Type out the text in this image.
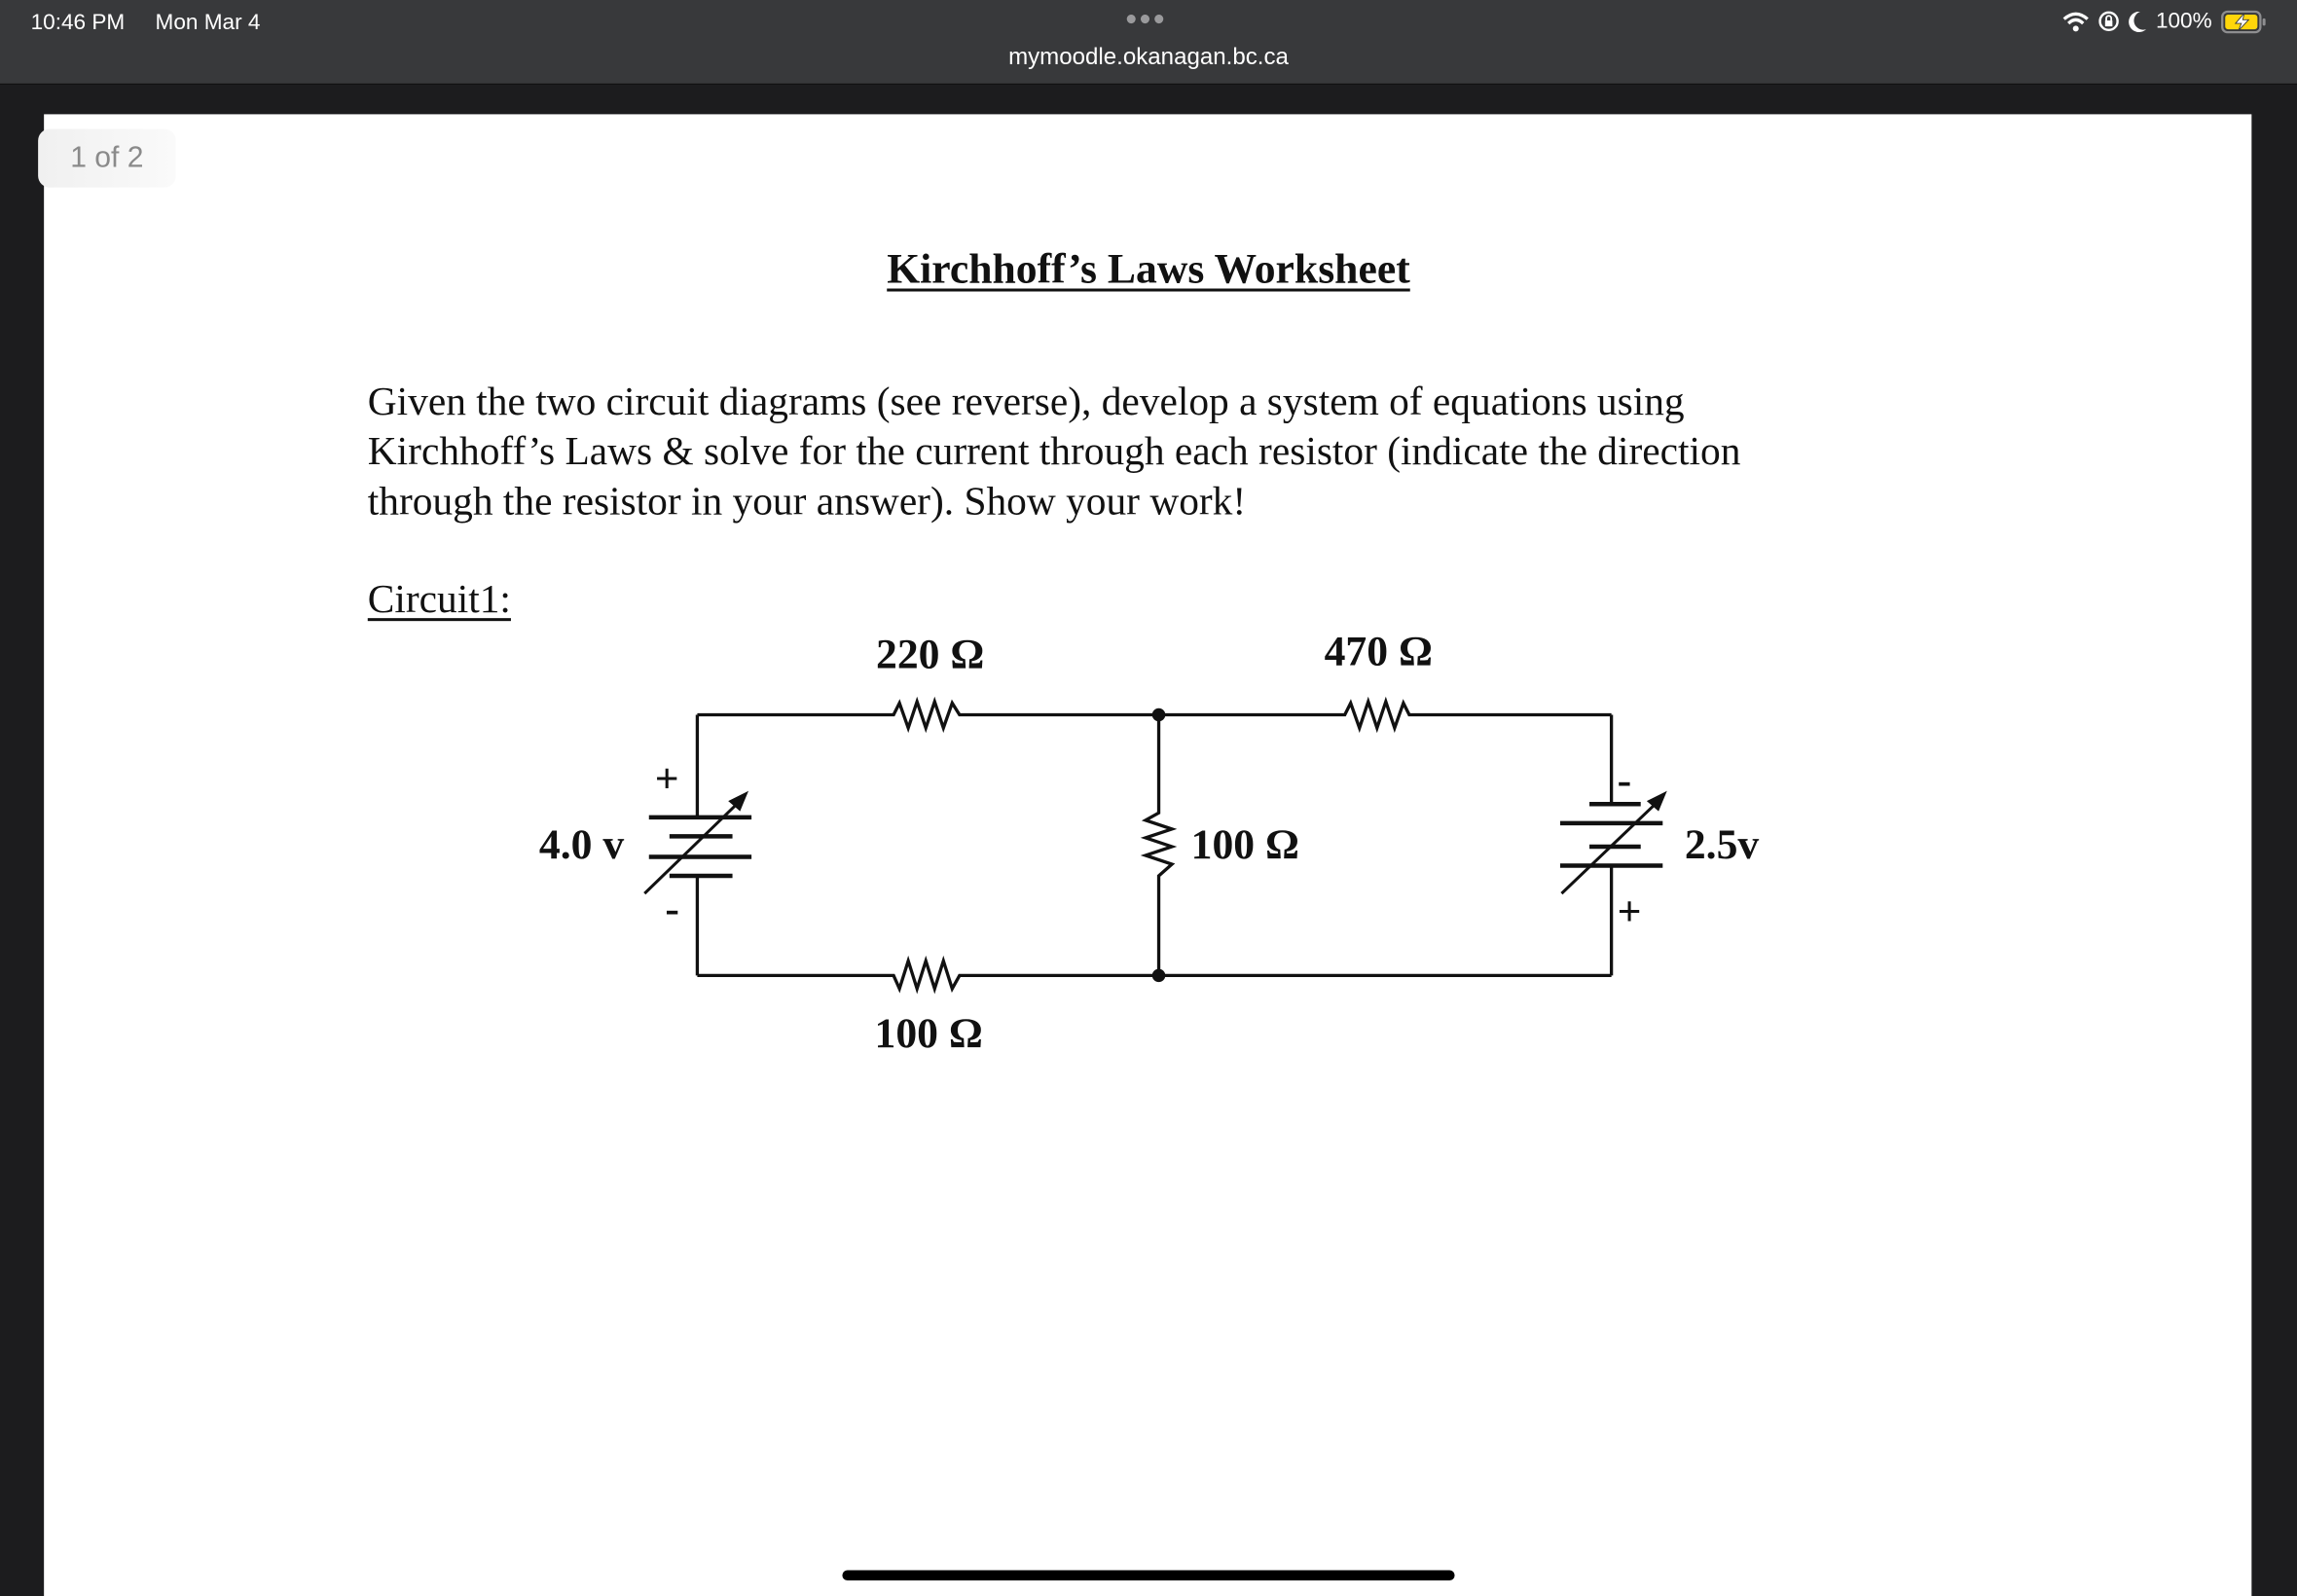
10:46 PM Mon Mar 4	●●●
mymoodle.okanagan.bc.ca
100%
1 of 2
Kirchhoff’s Laws Worksheet
Given the two circuit diagrams (see reverse), develop a system of equations using
Kirchhoff’s Laws & solve for the current through each resistor (indicate the direction
through the resistor in your answer). Show your work!
Circuit1:
220 Ω	470 Ω
100 Ω
100 Ω
4.0 v	2.5v
+
-
-
+
